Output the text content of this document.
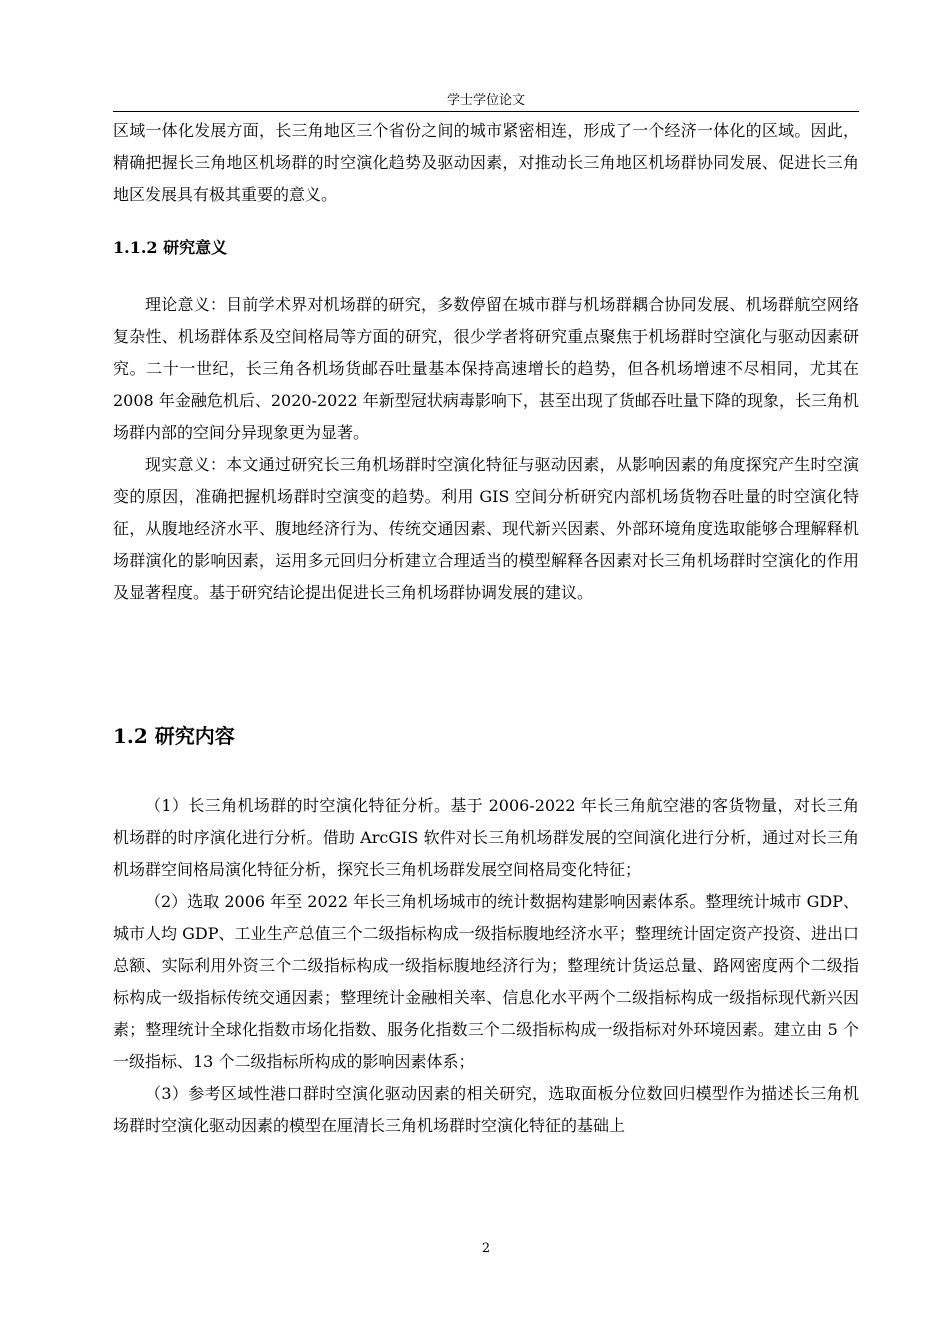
学士学位论文

区域一体化发展方面，长三角地区三个省份之间的城市紧密相连，形成了一个经济一体化的区域。因此，精确把握长三角地区机场群的时空演化趋势及驱动因素，对推动长三角地区机场群协同发展、促进长三角地区发展具有极其重要的意义。

1.1.2 研究意义

理论意义：目前学术界对机场群的研究，多数停留在城市群与机场群耦合协同发展、机场群航空网络复杂性、机场群体系及空间格局等方面的研究，很少学者将研究重点聚焦于机场群时空演化与驱动因素研究。二十一世纪，长三角各机场货邮吞吐量基本保持高速增长的趋势，但各机场增速不尽相同，尤其在 2008 年金融危机后、2020-2022 年新型冠状病毒影响下，甚至出现了货邮吞吐量下降的现象，长三角机场群内部的空间分异现象更为显著。

现实意义：本文通过研究长三角机场群时空演化特征与驱动因素，从影响因素的角度探究产生时空演变的原因，准确把握机场群时空演变的趋势。利用 GIS 空间分析研究内部机场货物吞吐量的时空演化特征，从腹地经济水平、腹地经济行为、传统交通因素、现代新兴因素、外部环境角度选取能够合理解释机场群演化的影响因素，运用多元回归分析建立合理适当的模型解释各因素对长三角机场群时空演化的作用及显著程度。基于研究结论提出促进长三角机场群协调发展的建议。

1.2 研究内容

（1）长三角机场群的时空演化特征分析。基于 2006-2022 年长三角航空港的客货物量，对长三角机场群的时序演化进行分析。借助 ArcGIS 软件对长三角机场群发展的空间演化进行分析，通过对长三角机场群空间格局演化特征分析，探究长三角机场群发展空间格局变化特征；

（2）选取 2006 年至 2022 年长三角机场城市的统计数据构建影响因素体系。整理统计城市 GDP、城市人均 GDP、工业生产总值三个二级指标构成一级指标腹地经济水平；整理统计固定资产投资、进出口总额、实际利用外资三个二级指标构成一级指标腹地经济行为；整理统计货运总量、路网密度两个二级指标构成一级指标传统交通因素；整理统计金融相关率、信息化水平两个二级指标构成一级指标现代新兴因素；整理统计全球化指数市场化指数、服务化指数三个二级指标构成一级指标对外环境因素。建立由 5 个一级指标、13 个二级指标所构成的影响因素体系；

（3）参考区域性港口群时空演化驱动因素的相关研究，选取面板分位数回归模型作为描述长三角机场群时空演化驱动因素的模型在厘清长三角机场群时空演化特征的基础上

2
